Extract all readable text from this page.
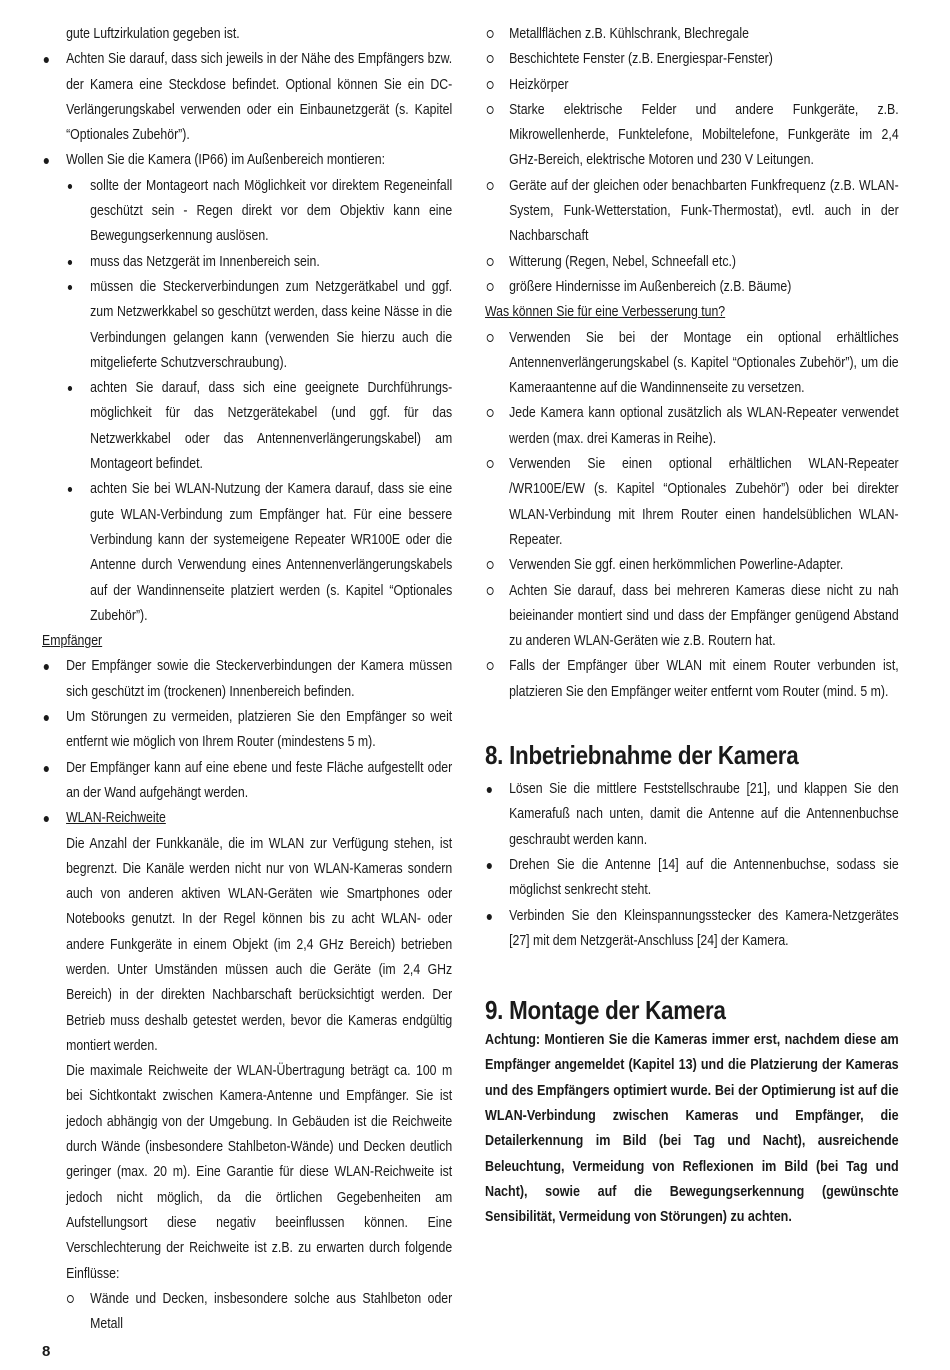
gute Luftzirkulation gegeben ist.

Achten Sie darauf, dass sich jeweils in der Nähe des Empfängers bzw. der Kamera eine Steckdose befindet. Optional können Sie ein DC-Verlängerungskabel verwenden oder ein Einbaunetzgerät (s. Kapitel “Optionales Zubehör”).

Wollen Sie die Kamera (IP66) im Außenbereich montieren:

sollte der Montageort nach Möglichkeit vor direktem Regeneinfall geschützt sein - Regen direkt vor dem Objektiv kann eine Bewegungserkennung auslösen.

muss das Netzgerät im Innenbereich sein.

müssen die Steckerverbindungen zum Netzgerätkabel und ggf. zum Netzwerkkabel so geschützt werden, dass keine Nässe in die Verbindungen gelangen kann (verwenden Sie hierzu auch die mitgelieferte Schutzverschraubung).

achten Sie darauf, dass sich eine geeignete Durchführungsmöglichkeit für das Netzgerätekabel (und ggf. für das Netzwerkkabel oder das Antennenverlängerungskabel) am Montageort befindet.

achten Sie bei WLAN-Nutzung der Kamera darauf, dass sie eine gute WLAN-Verbindung zum Empfänger hat. Für eine bessere Verbindung kann der systemeigene Repeater WR100E oder die Antenne durch Verwendung eines Antennenverlängerungskabels auf der Wandinnenseite platziert werden (s. Kapitel “Optionales Zubehör”).

Empfänger

Der Empfänger sowie die Steckerverbindungen der Kamera müssen sich geschützt im (trockenen) Innenbereich befinden.

Um Störungen zu vermeiden, platzieren Sie den Empfänger so weit entfernt wie möglich von Ihrem Router (mindestens 5 m).

Der Empfänger kann auf eine ebene und feste Fläche aufgestellt oder an der Wand aufgehängt werden.

WLAN-Reichweite

Die Anzahl der Funkkanäle, die im WLAN zur Verfügung stehen, ist begrenzt. Die Kanäle werden nicht nur von WLAN-Kameras sondern auch von anderen aktiven WLAN-Geräten wie Smartphones oder Notebooks genutzt. In der Regel können bis zu acht WLAN- oder andere Funkgeräte in einem Objekt (im 2,4 GHz Bereich) betrieben werden. Unter Umständen müssen auch die Geräte (im 2,4 GHz Bereich) in der direkten Nachbarschaft berücksichtigt werden. Der Betrieb muss deshalb getestet werden, bevor die Kameras endgültig montiert werden.

Die maximale Reichweite der WLAN-Übertragung beträgt ca. 100 m bei Sichtkontakt zwischen Kamera-Antenne und Empfänger. Sie ist jedoch abhängig von der Umgebung. In Gebäuden ist die Reichweite durch Wände (insbesondere Stahlbeton-Wände) und Decken deutlich geringer (max. 20 m). Eine Garantie für diese WLAN-Reichweite ist jedoch nicht möglich, da die örtlichen Gegebenheiten am Aufstellungsort diese negativ beeinflussen können. Eine Verschlechterung der Reichweite ist z.B. zu erwarten durch folgende Einflüsse:

Wände und Decken, insbesondere solche aus Stahlbeton oder Metall

Metallflächen z.B. Kühlschrank, Blechregale

Beschichtete Fenster (z.B. Energiespar-Fenster)

Heizkörper

Starke elektrische Felder und andere Funkgeräte, z.B. Mikrowellenherde, Funktelefone, Mobiltelefone, Funkgeräte im 2,4 GHz-Bereich, elektrische Motoren und 230 V Leitungen.

Geräte auf der gleichen oder benachbarten Funkfrequenz (z.B. WLAN-System, Funk-Wetterstation, Funk-Thermostat), evtl. auch in der Nachbarschaft

Witterung (Regen, Nebel, Schneefall etc.)

größere Hindernisse im Außenbereich (z.B. Bäume)

Was können Sie für eine Verbesserung tun?

Verwenden Sie bei der Montage ein optional erhältliches Antennenverlängerungskabel (s. Kapitel “Optionales Zubehör”), um die Kameraantenne auf die Wandinnenseite zu versetzen.

Jede Kamera kann optional zusätzlich als WLAN-Repeater verwendet werden (max. drei Kameras in Reihe).

Verwenden Sie einen optional erhältlichen WLAN-Repeater /WR100E/EW (s. Kapitel “Optionales Zubehör”) oder bei direkter WLAN-Verbindung mit Ihrem Router einen handelsüblichen WLAN-Repeater.

Verwenden Sie ggf. einen herkömmlichen Powerline-Adapter.

Achten Sie darauf, dass bei mehreren Kameras diese nicht zu nah beieinander montiert sind und dass der Empfänger genügend Abstand zu anderen WLAN-Geräten wie z.B. Routern hat.

Falls der Empfänger über WLAN mit einem Router verbunden ist, platzieren Sie den Empfänger weiter entfernt vom Router (mind. 5 m).

8. Inbetriebnahme der Kamera

Lösen Sie die mittlere Feststellschraube [21], und klappen Sie den Kamerafuß nach unten, damit die Antenne auf die Antennenbuchse geschraubt werden kann.

Drehen Sie die Antenne [14] auf die Antennenbuchse, sodass sie möglichst senkrecht steht.

Verbinden Sie den Kleinspannungsstecker des Kamera-Netzgerätes [27] mit dem Netzgerät-Anschluss [24] der Kamera.

9. Montage der Kamera

Achtung: Montieren Sie die Kameras immer erst, nachdem diese am Empfänger angemeldet (Kapitel 13) und die Platzierung der Kameras und des Empfängers optimiert wurde. Bei der Optimierung ist auf die WLAN-Verbindung zwischen Kameras und Empfänger, die Detailerkennung im Bild (bei Tag und Nacht), ausreichende Beleuchtung, Vermeidung von Reflexionen im Bild (bei Tag und Nacht), sowie auf die Bewegungserkennung (gewünschte Sensibilität, Vermeidung von Störungen) zu achten.

8
